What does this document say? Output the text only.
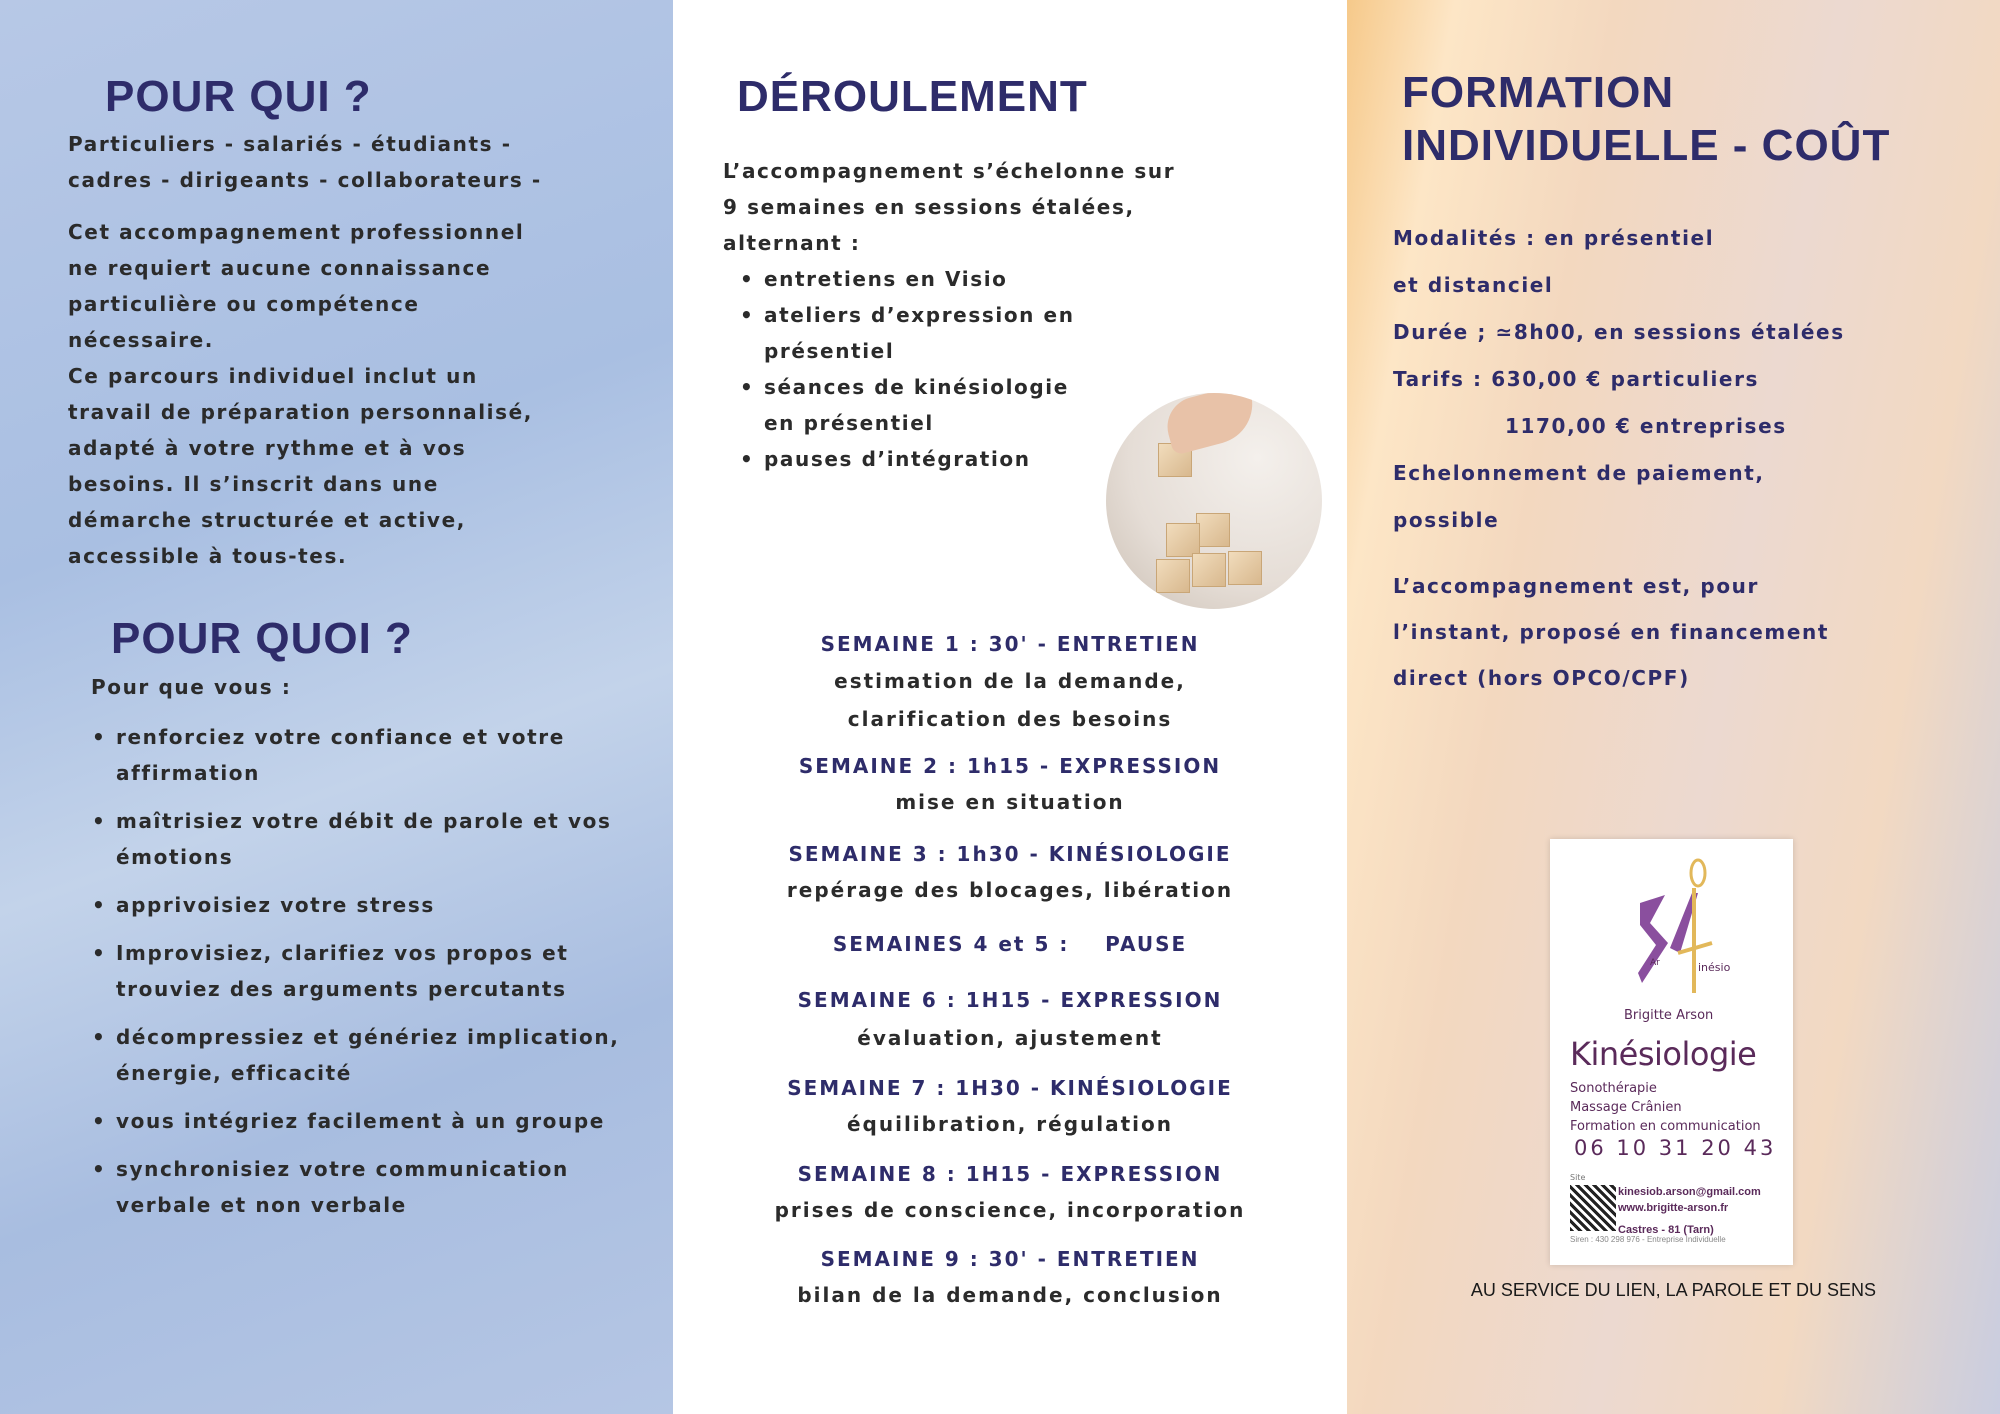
POUR QUI ?
Particuliers - salariés - étudiants -
cadres - dirigeants - collaborateurs -
Cet accompagnement professionnel
ne requiert aucune connaissance
particulière ou compétence
nécessaire.
Ce parcours individuel inclut un
travail de préparation personnalisé,
adapté à votre rythme et à vos
besoins. Il s’inscrit dans une
démarche structurée et active,
accessible à tous-tes.
POUR QUOI ?
Pour que vous :
• renforciez votre confiance et votre affirmation
• maîtrisiez votre débit de parole et vos émotions
• apprivoisiez votre stress
• Improvisiez, clarifiez vos propos et trouviez des arguments percutants
• décompressiez et génériez implication, énergie, efficacité
• vous intégriez facilement à un groupe
• synchronisiez votre communication verbale et non verbale
DÉROULEMENT
L’accompagnement s’échelonne sur
9 semaines en sessions étalées,
alternant :
• entretiens en Visio
• ateliers d’expression en présentiel
• séances de kinésiologie en présentiel
• pauses d’intégration
SEMAINE 1 : 30' - ENTRETIEN
estimation de la demande,
clarification des besoins
SEMAINE 2 : 1h15 - EXPRESSION
mise en situation
SEMAINE 3 : 1h30 - KINÉSIOLOGIE
repérage des blocages, libération
SEMAINES 4 et 5 :    PAUSE
SEMAINE 6 : 1H15 - EXPRESSION
évaluation, ajustement
SEMAINE 7 : 1H30 - KINÉSIOLOGIE
équilibration, régulation
SEMAINE 8 : 1H15 - EXPRESSION
prises de conscience, incorporation
SEMAINE 9 : 30' - ENTRETIEN
bilan de la demande, conclusion
FORMATION
INDIVIDUELLE - COÛT
Modalités : en présentiel
et distanciel
Durée ; ≃8h00, en sessions étalées
Tarifs : 630,00 € particuliers
1170,00 € entreprises
Echelonnement de paiement,
possible
L’accompagnement est, pour
l’instant, proposé en financement
direct (hors OPCO/CPF)
AU SERVICE DU LIEN, LA PAROLE ET DU SENS
Ar	inésio
Brigitte Arson
Kinésiologie
Sonothérapie
Massage Crânien
Formation en communication
06 10 31 20 43
Site
kinesiob.arson@gmail.com
www.brigitte-arson.fr
Castres - 81 (Tarn)
Siren : 430 298 976 - Entreprise Individuelle
